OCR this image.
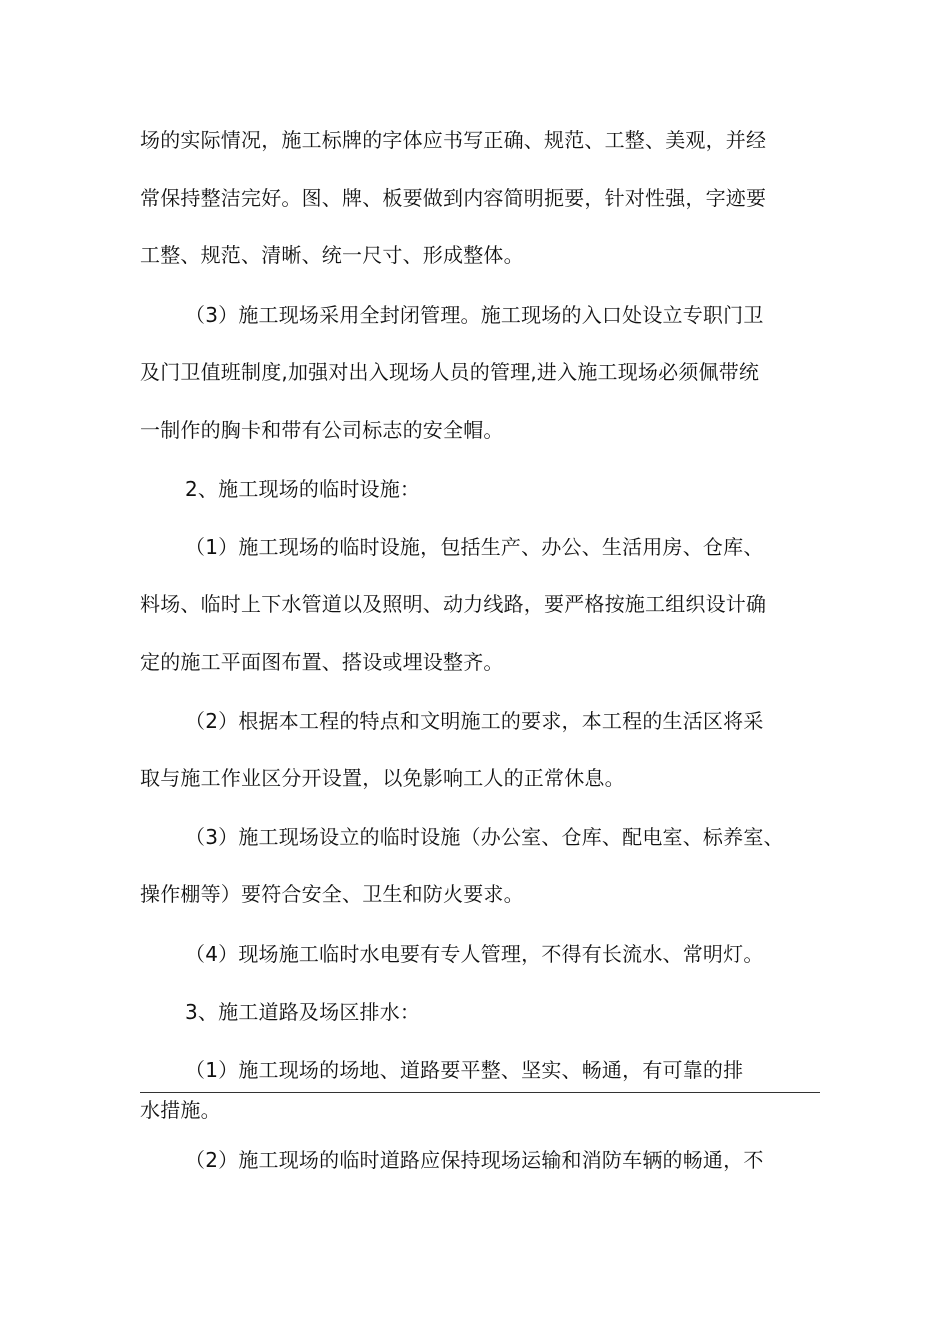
场的实际情况，施工标牌的字体应书写正确、规范、工整、美观，并经
常保持整洁完好。图、牌、板要做到内容简明扼要，针对性强，字迹要
工整、规范、清晰、统一尺寸、形成整体。
（3）施工现场采用全封闭管理。施工现场的入口处设立专职门卫
及门卫值班制度,加强对出入现场人员的管理,进入施工现场必须佩带统
一制作的胸卡和带有公司标志的安全帽。
2、施工现场的临时设施：
（1）施工现场的临时设施，包括生产、办公、生活用房、仓库、
料场、临时上下水管道以及照明、动力线路，要严格按施工组织设计确
定的施工平面图布置、搭设或埋设整齐。
（2）根据本工程的特点和文明施工的要求，本工程的生活区将采
取与施工作业区分开设置，以免影响工人的正常休息。
（3）施工现场设立的临时设施（办公室、仓库、配电室、标养室、
操作棚等）要符合安全、卫生和防火要求。
（4）现场施工临时水电要有专人管理，不得有长流水、常明灯。
3、施工道路及场区排水：
（1）施工现场的场地、道路要平整、坚实、畅通，有可靠的排
水措施。
（2）施工现场的临时道路应保持现场运输和消防车辆的畅通，不
